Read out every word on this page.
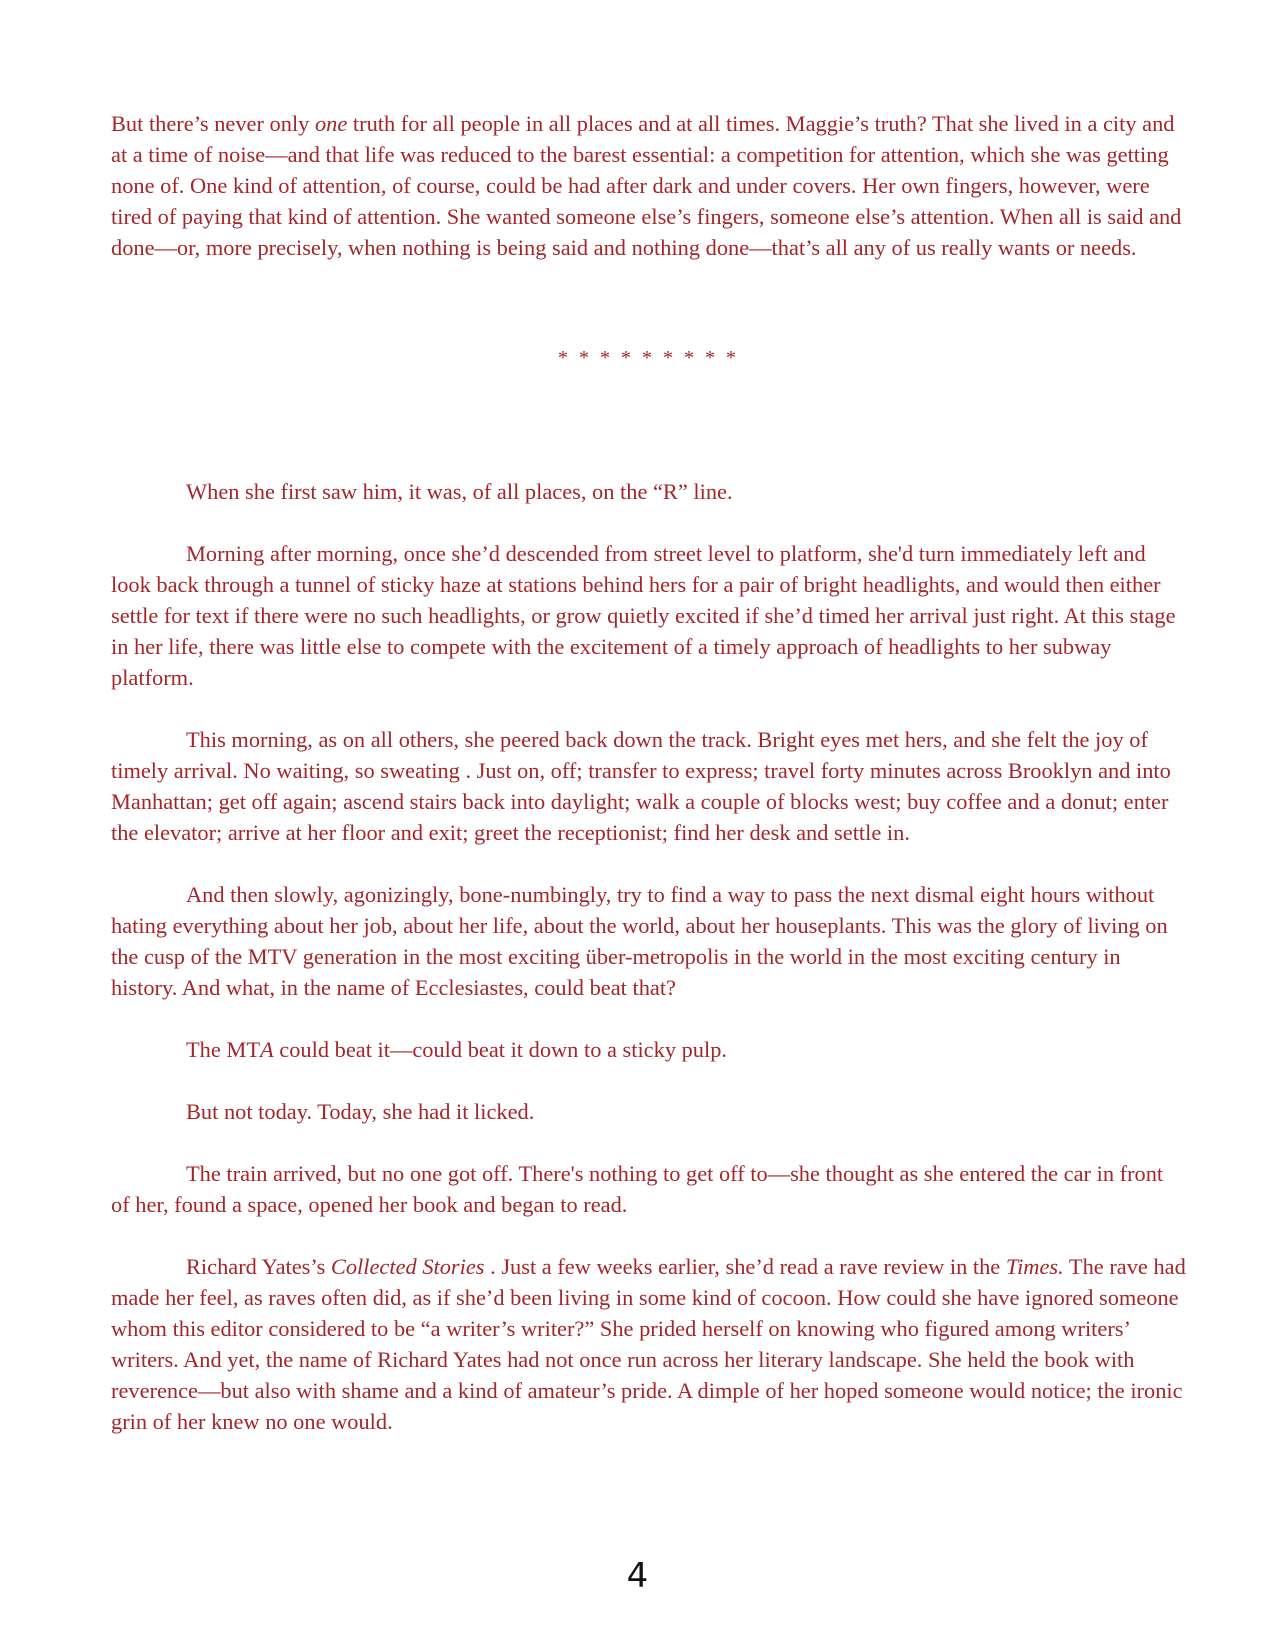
But there’s never only one truth for all people in all places and at all times. Maggie’s truth? That she lived in a city and at a time of noise—and that life was reduced to the barest essential: a competition for attention, which she was getting none of. One kind of attention, of course, could be had after dark and under covers. Her own fingers, however, were tired of paying that kind of attention. She wanted someone else’s fingers, someone else’s attention. When all is said and done—or, more precisely, when nothing is being said and nothing done—that’s all any of us really wants or needs.

* * * * * * * * *

When she first saw him, it was, of all places, on the “R” line.

Morning after morning, once she’d descended from street level to platform, she'd turn immediately left and look back through a tunnel of sticky haze at stations behind hers for a pair of bright headlights, and would then either settle for text if there were no such headlights, or grow quietly excited if she’d timed her arrival just right. At this stage in her life, there was little else to compete with the excitement of a timely approach of headlights to her subway platform.

This morning, as on all others, she peered back down the track. Bright eyes met hers, and she felt the joy of timely arrival. No waiting, so sweating . Just on, off; transfer to express; travel forty minutes across Brooklyn and into Manhattan; get off again; ascend stairs back into daylight; walk a couple of blocks west; buy coffee and a donut; enter the elevator; arrive at her floor and exit; greet the receptionist; find her desk and settle in.

And then slowly, agonizingly, bone-numbingly, try to find a way to pass the next dismal eight hours without hating everything about her job, about her life, about the world, about her houseplants. This was the glory of living on the cusp of the MTV generation in the most exciting über-metropolis in the world in the most exciting century in history. And what, in the name of Ecclesiastes, could beat that?

The MTA could beat it—could beat it down to a sticky pulp.

But not today. Today, she had it licked.

The train arrived, but no one got off. There's nothing to get off to—she thought as she entered the car in front of her, found a space, opened her book and began to read.

Richard Yates’s Collected Stories . Just a few weeks earlier, she’d read a rave review in the Times. The rave had made her feel, as raves often did, as if she’d been living in some kind of cocoon. How could she have ignored someone whom this editor considered to be “a writer’s writer?” She prided herself on knowing who figured among writers’ writers. And yet, the name of Richard Yates had not once run across her literary landscape. She held the book with reverence—but also with shame and a kind of amateur’s pride. A dimple of her hoped someone would notice; the ironic grin of her knew no one would.

4
